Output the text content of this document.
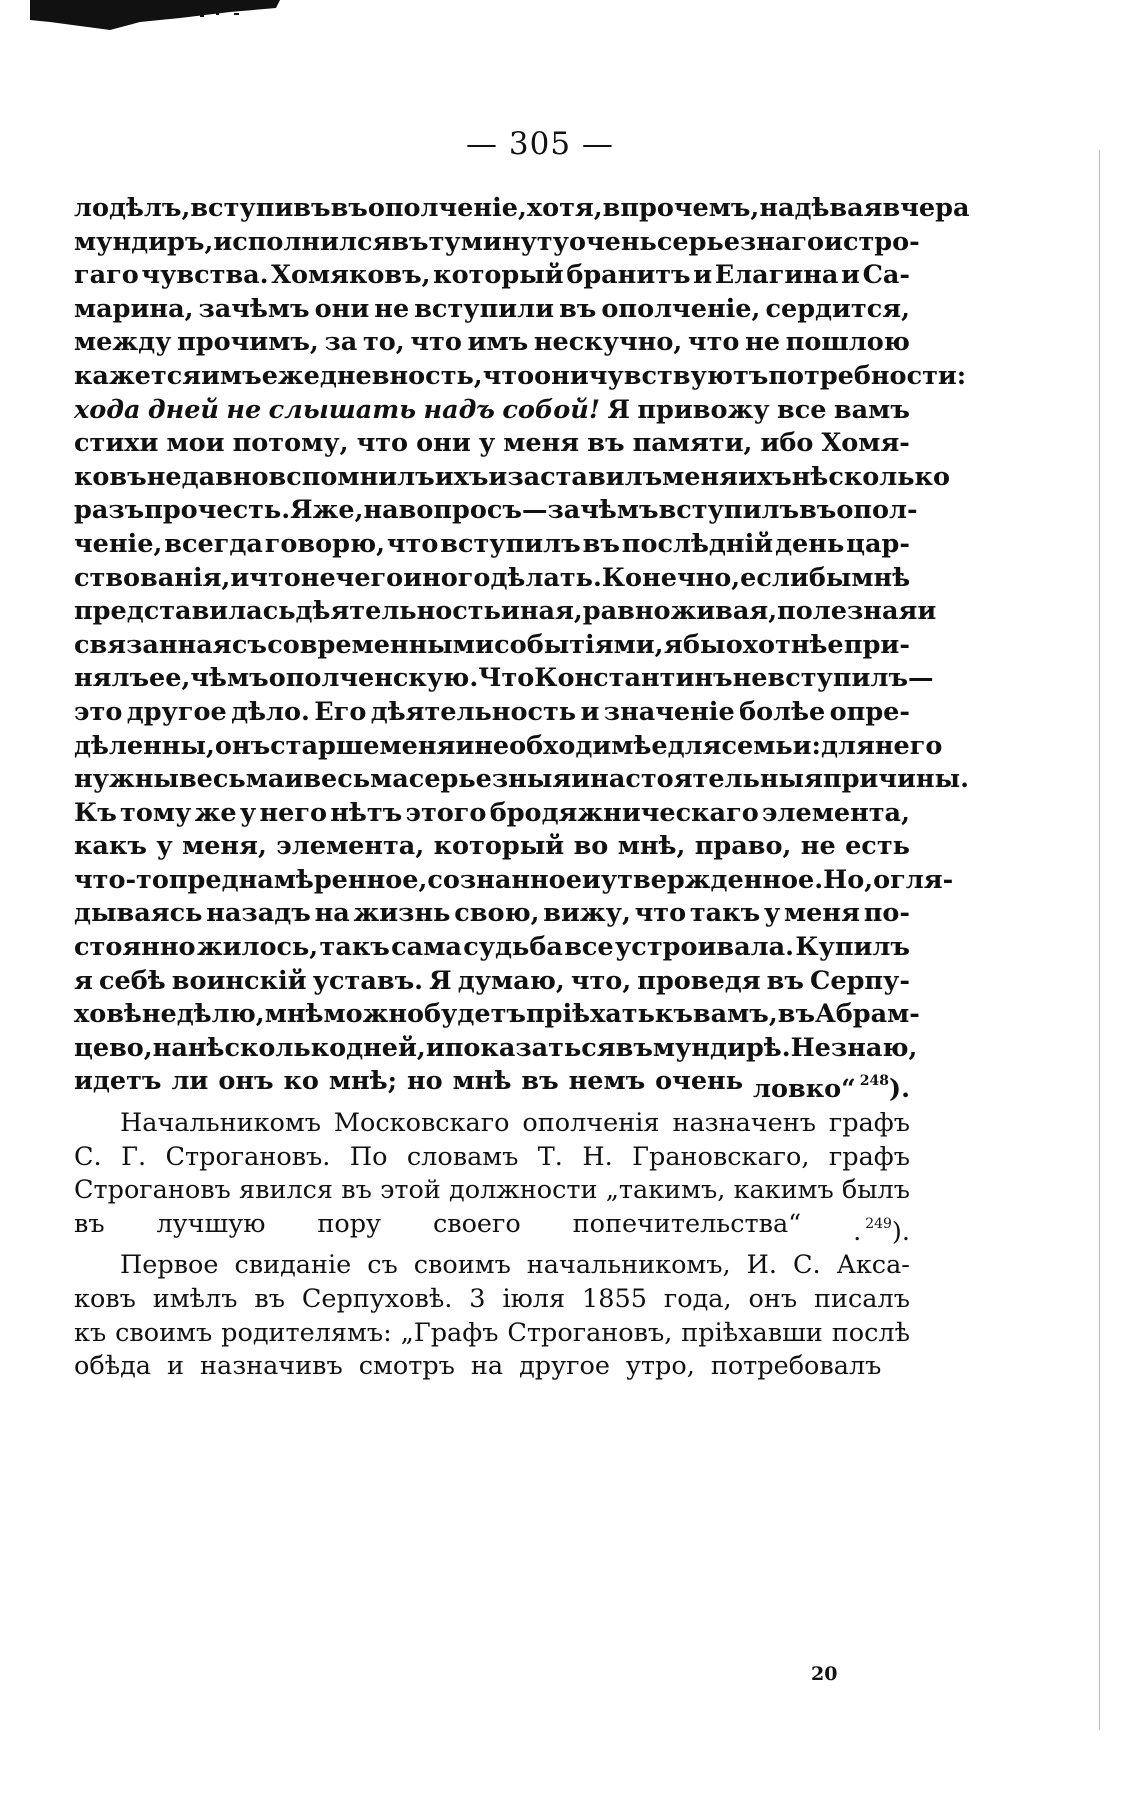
— 305 —
лодѣлъ, вступивъ въ ополченіе, хотя, впрочемъ, надѣвая вчера
мундиръ, исполнился въ ту минуту очень серьезнаго и стро-
гаго чувства. Хомяковъ, который бранитъ и Елагина и Са-
марина, зачѣмъ они не вступили въ ополченіе, сердится,
между прочимъ, за то, что имъ нескучно, что не пошлою
кажется имъ ежедневность, что они чувствуютъ потребности:
хода дней не слышать надъ собой! Я привожу все вамъ
стихи мои потому, что они у меня въ памяти, ибо Хомя-
ковъ недавно вспомнилъ ихъ и заставилъ меня ихъ нѣсколько
разъ прочесть. Я же, на вопросъ—зачѣмъ вступилъ въ опол-
ченіе, всегда говорю, что вступилъ въ послѣдній день цар-
ствованія, и что нечего иного дѣлать. Конечно, если бы мнѣ
представилась дѣятельность иная, равно живая, полезная и
связанная съ современными событіями, я бы охотнѣе при-
нялъ ее, чѣмъ ополченскую. Что Константинъ не вступилъ—
это другое дѣло. Его дѣятельность и значеніе болѣе опре-
дѣленны, онъ старше меня и необходимѣе для семьи: для него
нужны весьма и весьма серьезныя и настоятельныя причины.
Къ тому же у него нѣтъ этого бродяжническаго элемента,
какъ у меня, элемента, который во мнѣ, право, не есть
что-то преднамѣренное, сознанное и утвержденное. Но, огля-
дываясь назадъ на жизнь свою, вижу, что такъ у меня по-
стоянно жилось, такъ сама судьба все устроивала. Купилъ
я себѣ воинскій уставъ. Я думаю, что, проведя въ Серпу-
ховѣ недѣлю, мнѣ можно будетъ пріѣхать къ вамъ, въ Абрам-
цево, на нѣсколько дней, и показаться въ мундирѣ. Не знаю,
идетъ ли онъ ко мнѣ; но мнѣ въ немъ очень ловко“ $^{248}$).
Начальникомъ Московскаго ополченія назначенъ графъ
С. Г. Строгановъ. По словамъ Т. Н. Грановскаго, графъ
Строгановъ явился въ этой должности „такимъ, какимъ былъ
въ лучшую пору своего попечительства“ . $^{249}$).
Первое свиданіе съ своимъ начальникомъ, И. С. Акса-
ковъ имѣлъ въ Серпуховѣ. 3 іюля 1855 года, онъ писалъ
къ своимъ родителямъ: „Графъ Строгановъ, пріѣхавши послѣ
обѣда и назначивъ смотръ на другое утро, потребовалъ
20
